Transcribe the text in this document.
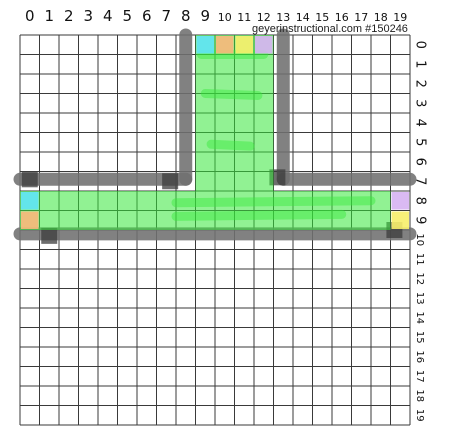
0 1 2 3 4 5 6 7 8 9 10 11 12 13 14 15 16 17 18 19
0
1
2
3
4
5
6
7
8
9
10
11
12
13
14
15
16
17
18
19
geyerinstructional.com #150246
